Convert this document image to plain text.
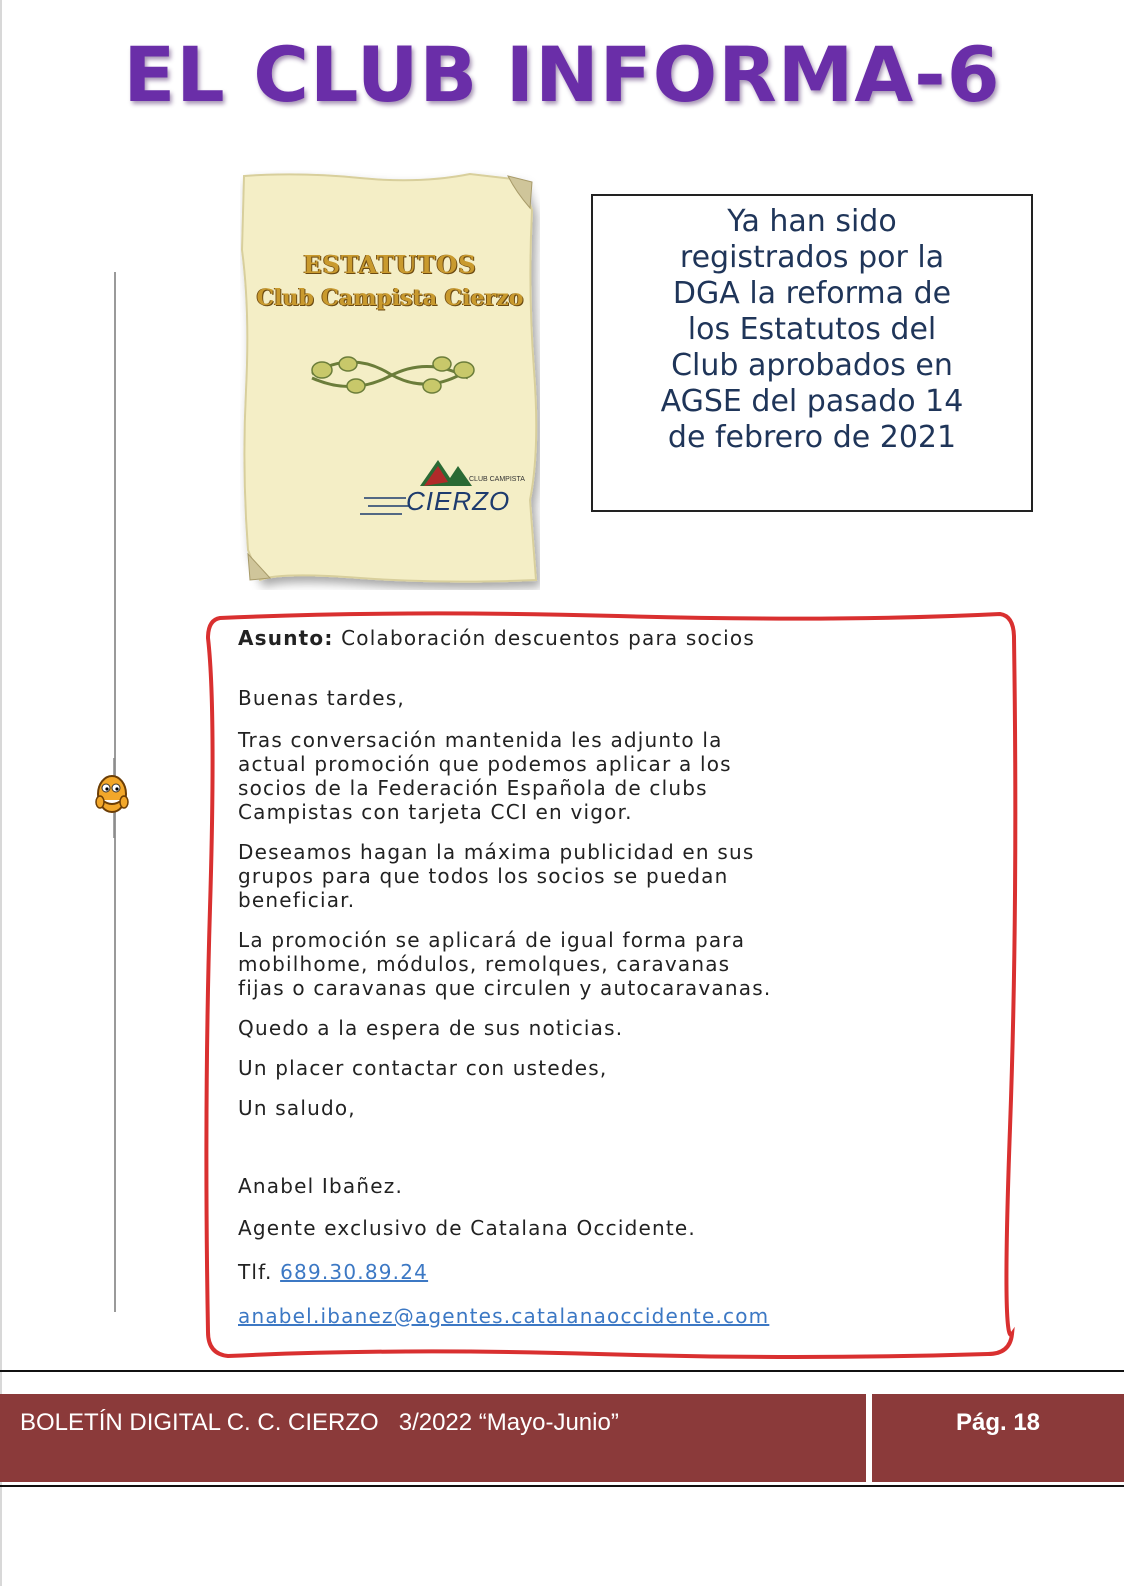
EL CLUB INFORMA-6
ESTATUTOS
Club Campista Cierzo
CLUB CAMPISTA
CIERZO
Ya han sido registrados por la DGA la reforma de los Estatutos del Club aprobados en AGSE del pasado 14 de febrero de 2021

Asunto: Colaboración descuentos para socios

Buenas tardes,

Tras conversación mantenida les adjunto la

actual promoción que podemos aplicar a los

socios de la Federación Española de clubs

Campistas con tarjeta CCI en vigor.

Deseamos hagan la máxima publicidad en sus

grupos para que todos los socios se puedan

beneficiar.

La promoción se aplicará de igual forma para

mobilhome, módulos, remolques, caravanas

fijas o caravanas que circulen y autocaravanas.

Quedo a la espera de sus noticias.

Un placer contactar con ustedes,

Un saludo,

Anabel Ibañez.

Agente exclusivo de Catalana Occidente.

Tlf. 689.30.89.24

anabel.ibanez@agentes.catalanaoccidente.com

BOLETÍN DIGITAL C. C. CIERZO   3/2022 “Mayo-Junio”	Pág. 18
